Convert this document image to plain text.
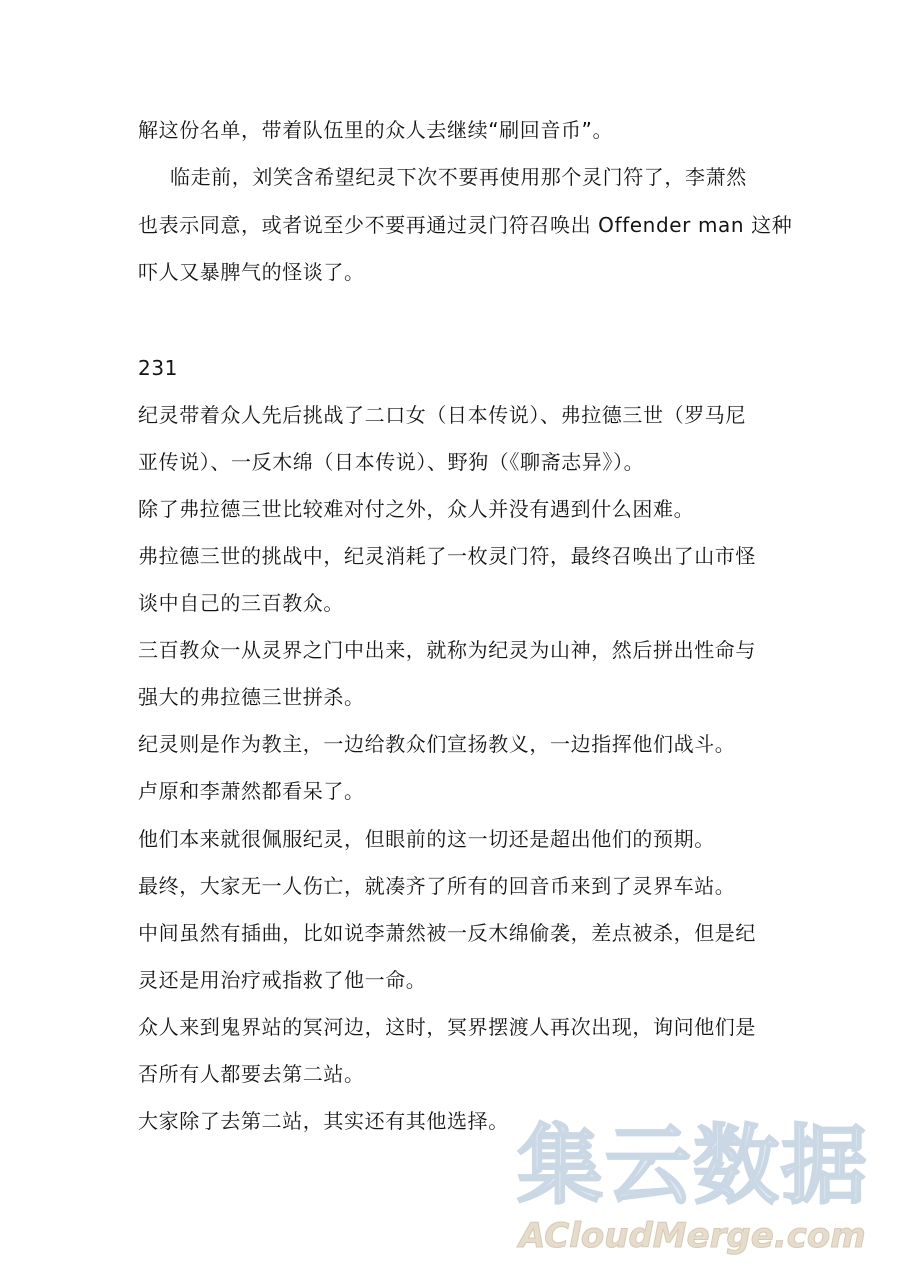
解这份名单，带着队伍里的众人去继续“刷回音币”。
临走前，刘笑含希望纪灵下次不要再使用那个灵门符了，李萧然
也表示同意，或者说至少不要再通过灵门符召唤出 Offender man 这种
吓人又暴脾气的怪谈了。
231
纪灵带着众人先后挑战了二口女（日本传说）、弗拉德三世（罗马尼
亚传说）、一反木绵（日本传说）、野狗（《聊斋志异》）。
除了弗拉德三世比较难对付之外，众人并没有遇到什么困难。
弗拉德三世的挑战中，纪灵消耗了一枚灵门符，最终召唤出了山市怪
谈中自己的三百教众。
三百教众一从灵界之门中出来，就称为纪灵为山神，然后拼出性命与
强大的弗拉德三世拼杀。
纪灵则是作为教主，一边给教众们宣扬教义，一边指挥他们战斗。
卢原和李萧然都看呆了。
他们本来就很佩服纪灵，但眼前的这一切还是超出他们的预期。
最终，大家无一人伤亡，就凑齐了所有的回音币来到了灵界车站。
中间虽然有插曲，比如说李萧然被一反木绵偷袭，差点被杀，但是纪
灵还是用治疗戒指救了他一命。
众人来到鬼界站的冥河边，这时，冥界摆渡人再次出现，询问他们是
否所有人都要去第二站。
大家除了去第二站，其实还有其他选择。 集云数据
ACloudMerge.com
